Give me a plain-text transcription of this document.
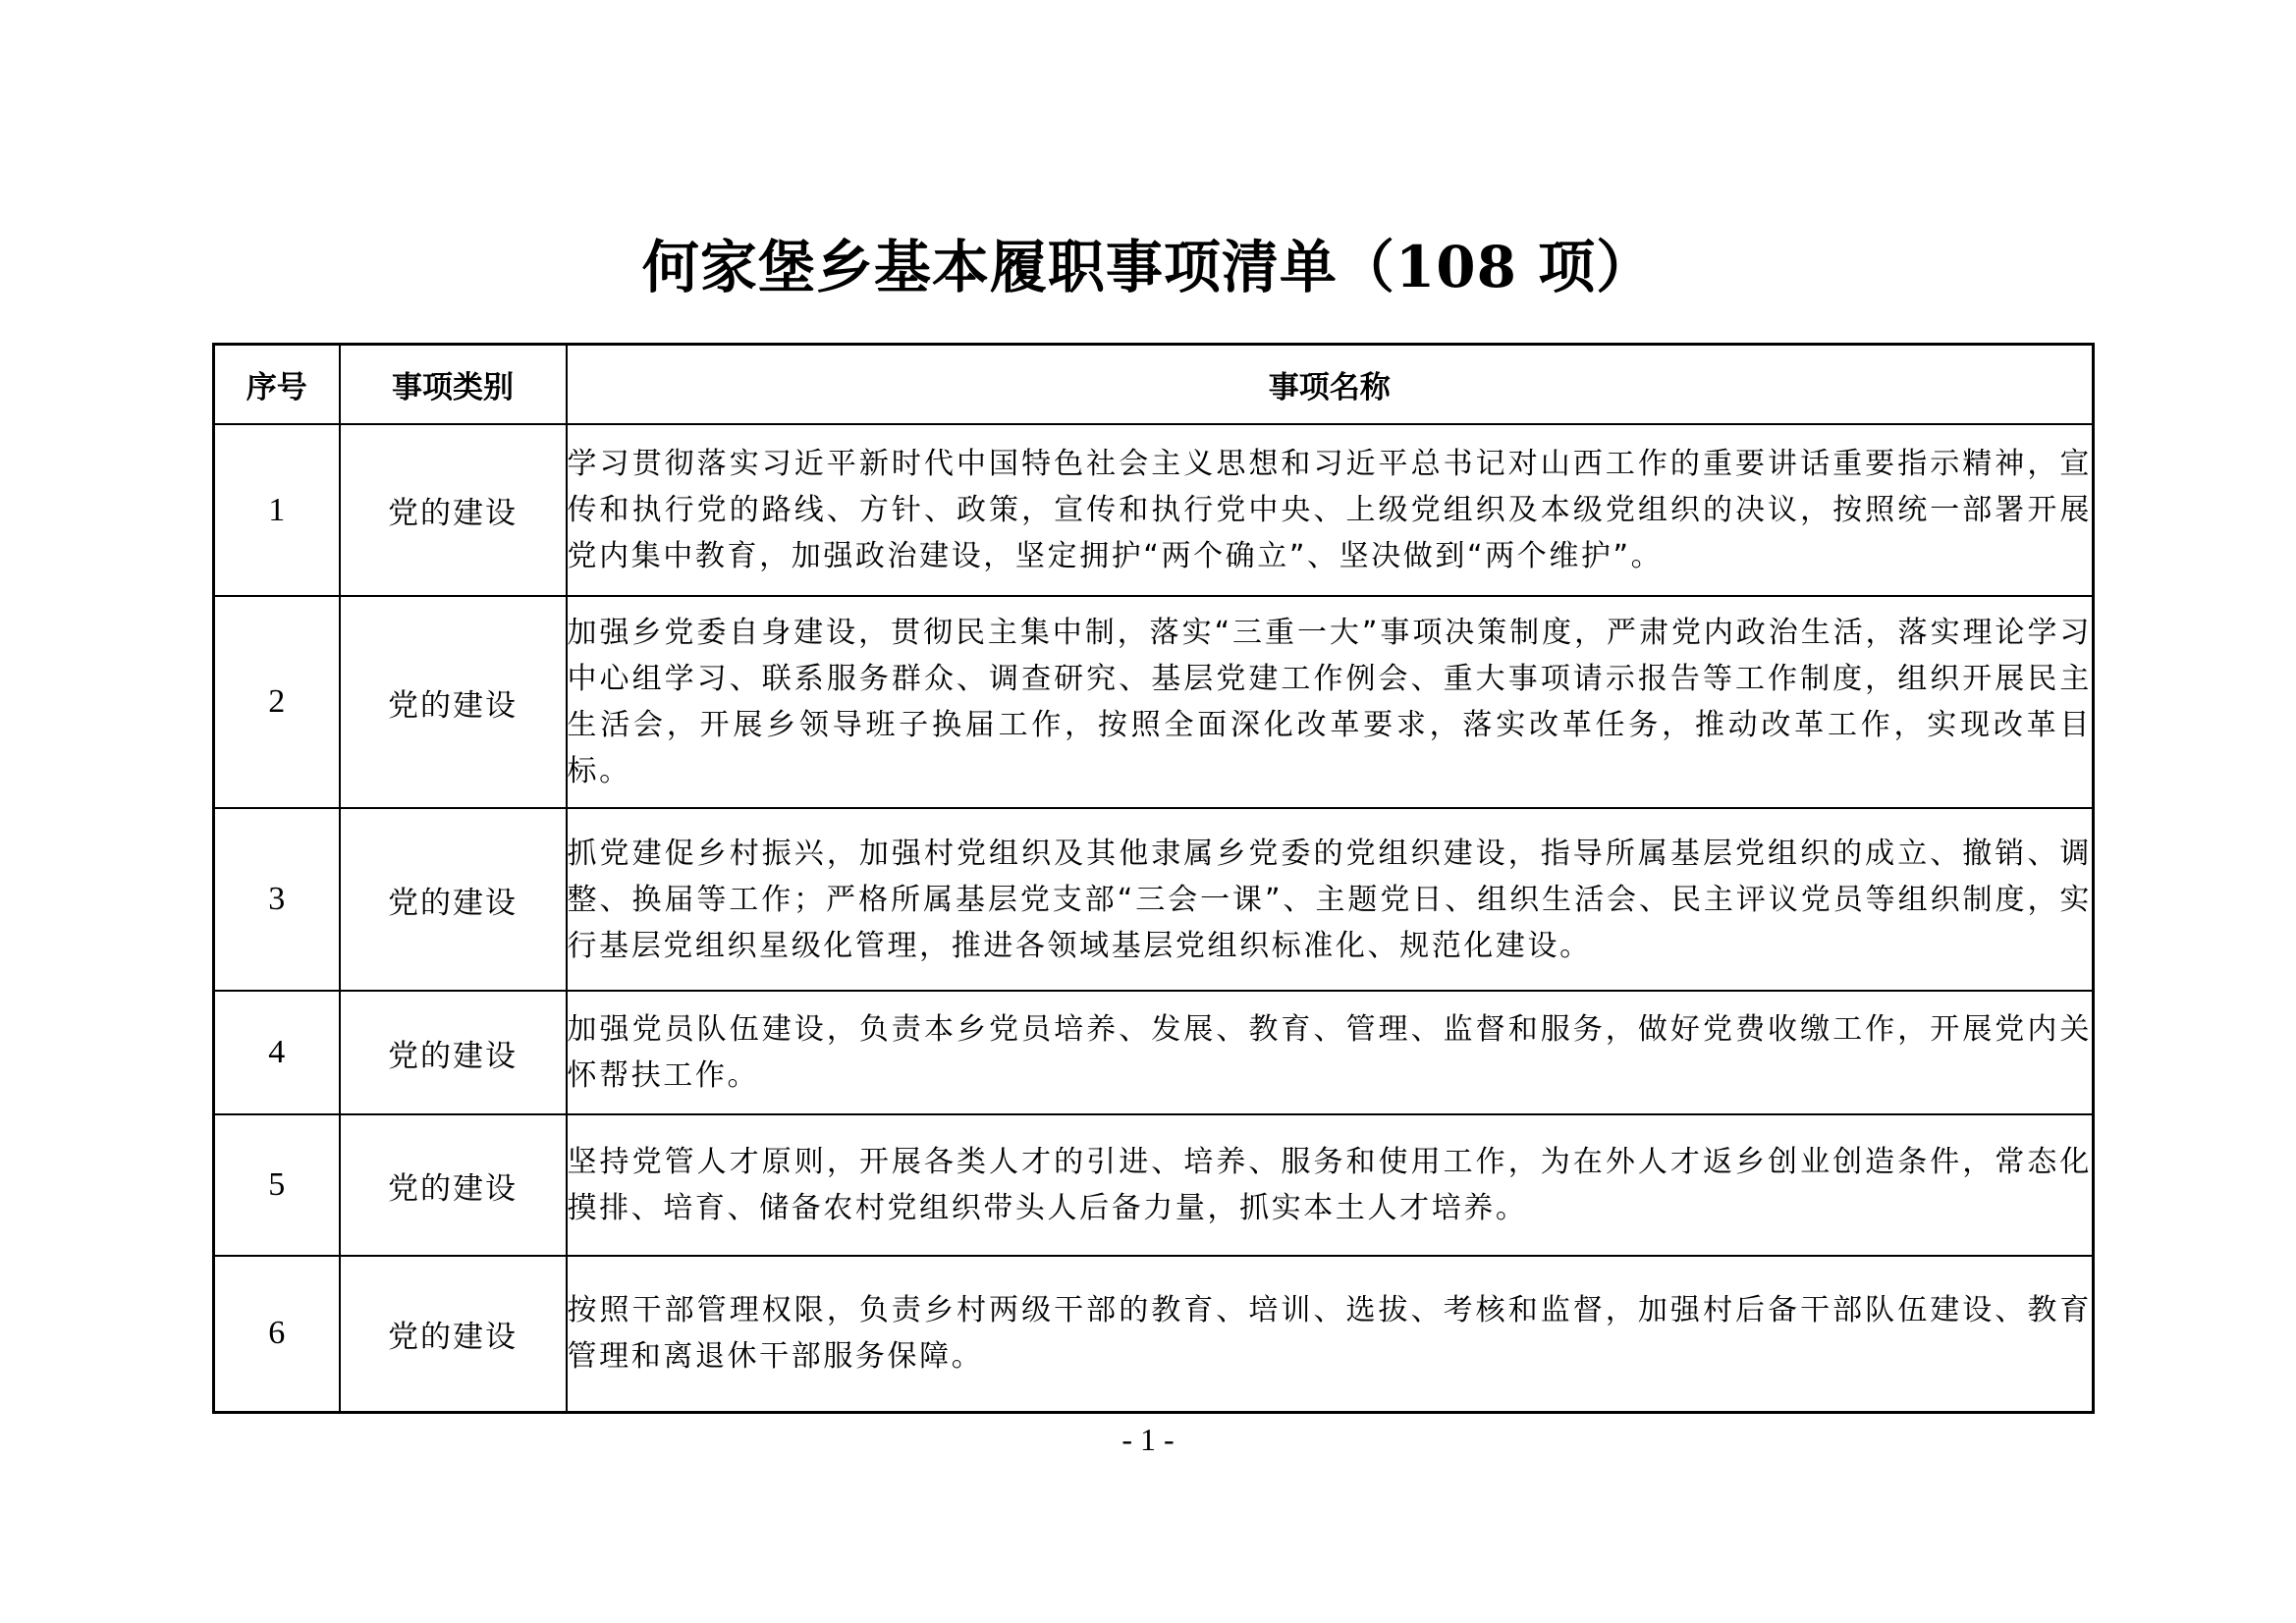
何家堡乡基本履职事项清单（108 项）
序号	事项类别	事项名称
1	党的建设	学习贯彻落实习近平新时代中国特色社会主义思想和习近平总书记对山西工作的重要讲话重要指示精神，宣传和执行党的路线、方针、政策，宣传和执行党中央、上级党组织及本级党组织的决议，按照统一部署开展党内集中教育，加强政治建设，坚定拥护“两个确立”、坚决做到“两个维护”。
2	党的建设	加强乡党委自身建设，贯彻民主集中制，落实“三重一大”事项决策制度，严肃党内政治生活，落实理论学习中心组学习、联系服务群众、调查研究、基层党建工作例会、重大事项请示报告等工作制度，组织开展民主生活会，开展乡领导班子换届工作，按照全面深化改革要求，落实改革任务，推动改革工作，实现改革目标。
3	党的建设	抓党建促乡村振兴，加强村党组织及其他隶属乡党委的党组织建设，指导所属基层党组织的成立、撤销、调整、换届等工作；严格所属基层党支部“三会一课”、主题党日、组织生活会、民主评议党员等组织制度，实行基层党组织星级化管理，推进各领域基层党组织标准化、规范化建设。
4	党的建设	加强党员队伍建设，负责本乡党员培养、发展、教育、管理、监督和服务，做好党费收缴工作，开展党内关怀帮扶工作。
5	党的建设	坚持党管人才原则，开展各类人才的引进、培养、服务和使用工作，为在外人才返乡创业创造条件，常态化摸排、培育、储备农村党组织带头人后备力量，抓实本土人才培养。
6	党的建设	按照干部管理权限，负责乡村两级干部的教育、培训、选拔、考核和监督，加强村后备干部队伍建设、教育管理和离退休干部服务保障。
- 1 -
